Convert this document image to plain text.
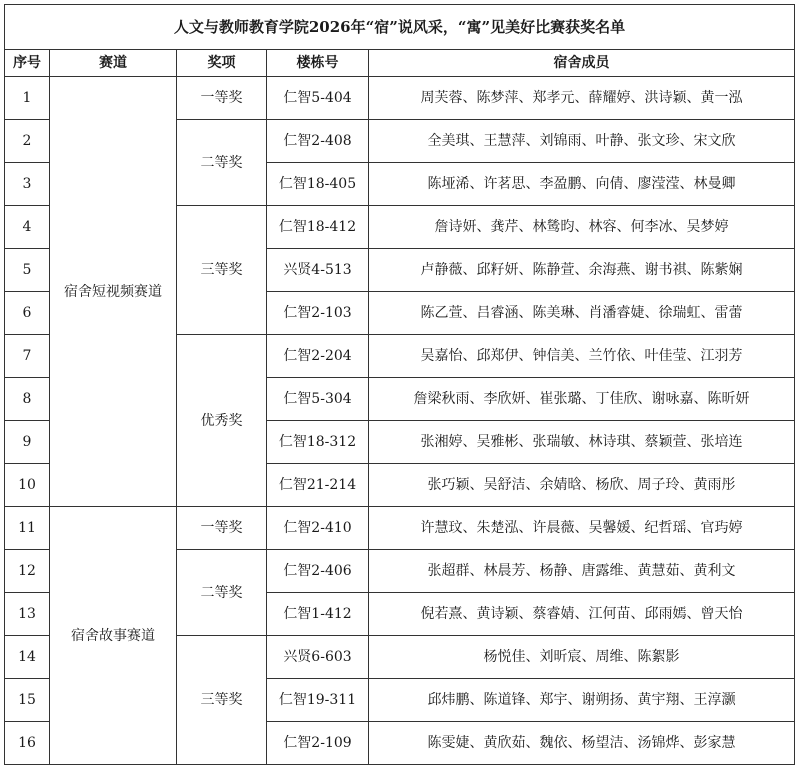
人文与教师教育学院2026年“宿”说风采，“寓”见美好比赛获奖名单				
序号	赛道	奖项	楼栋号	宿舍成员
1	宿舍短视频赛道	一等奖	仁智5-404	周芙蓉、陈梦萍、郑孝元、薛耀婷、洪诗颖、黄一泓
2		二等奖	仁智2-408	全美琪、王慧萍、刘锦雨、叶静、张文珍、宋文欣
3			仁智18-405	陈垭浠、许茗思、李盈鹏、向倩、廖滢滢、林曼卿
4		三等奖	仁智18-412	詹诗妍、龚芹、林鸶昀、林容、何李冰、吴梦婷
5			兴贤4-513	卢静薇、邱籽妍、陈静萱、余海燕、谢书祺、陈紫娴
6			仁智2-103	陈乙萱、吕睿涵、陈美琳、肖潘睿婕、徐瑞虹、雷蕾
7		优秀奖	仁智2-204	吴嘉怡、邱郑伊、钟信美、兰竹依、叶佳莹、江羽芳
8			仁智5-304	詹梁秋雨、李欣妍、崔张璐、丁佳欣、谢咏嘉、陈昕妍
9			仁智18-312	张湘婷、吴雅彬、张瑞敏、林诗琪、蔡颖萱、张培连
10			仁智21-214	张巧颖、吴舒洁、余婧晗、杨欣、周子玲、黄雨彤
11	宿舍故事赛道	一等奖	仁智2-410	许慧玟、朱楚泓、许晨薇、吴馨媛、纪哲瑶、官玙婷
12		二等奖	仁智2-406	张超群、林晨芳、杨静、唐露维、黄慧茹、黄利文
13			仁智1-412	倪若熹、黄诗颖、蔡睿婧、江何苗、邱雨嫣、曾天怡
14		三等奖	兴贤6-603	杨悦佳、刘昕宸、周维、陈絮影
15			仁智19-311	邱炜鹏、陈道锋、郑宇、谢朔扬、黄宇翔、王淳灏
16			仁智2-109	陈雯婕、黄欣茹、魏依、杨望洁、汤锦烨、彭家慧
